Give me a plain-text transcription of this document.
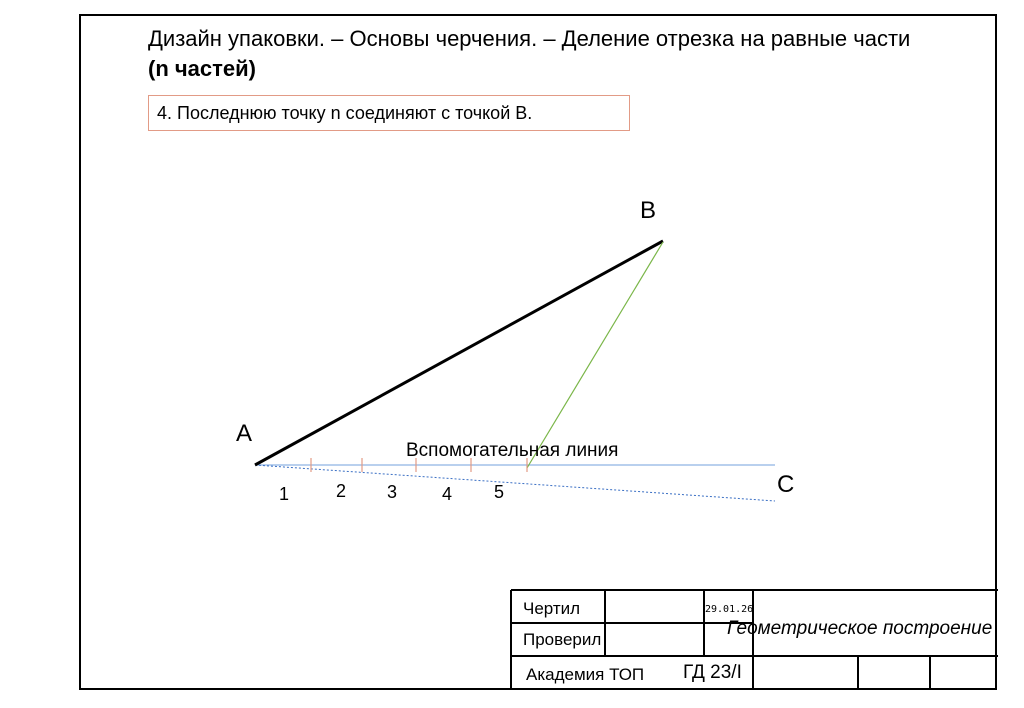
Дизайн упаковки. – Основы черчения. – Деление отрезка на равные части
(n частей)
4. Последнюю точку n соединяют с точкой B.
A
B
C
Вспомогательная линия
1	2 3 4 5
Чертил
Проверил
29.01.26
Геометрическое построение
Академия ТОП ГД 23/I
